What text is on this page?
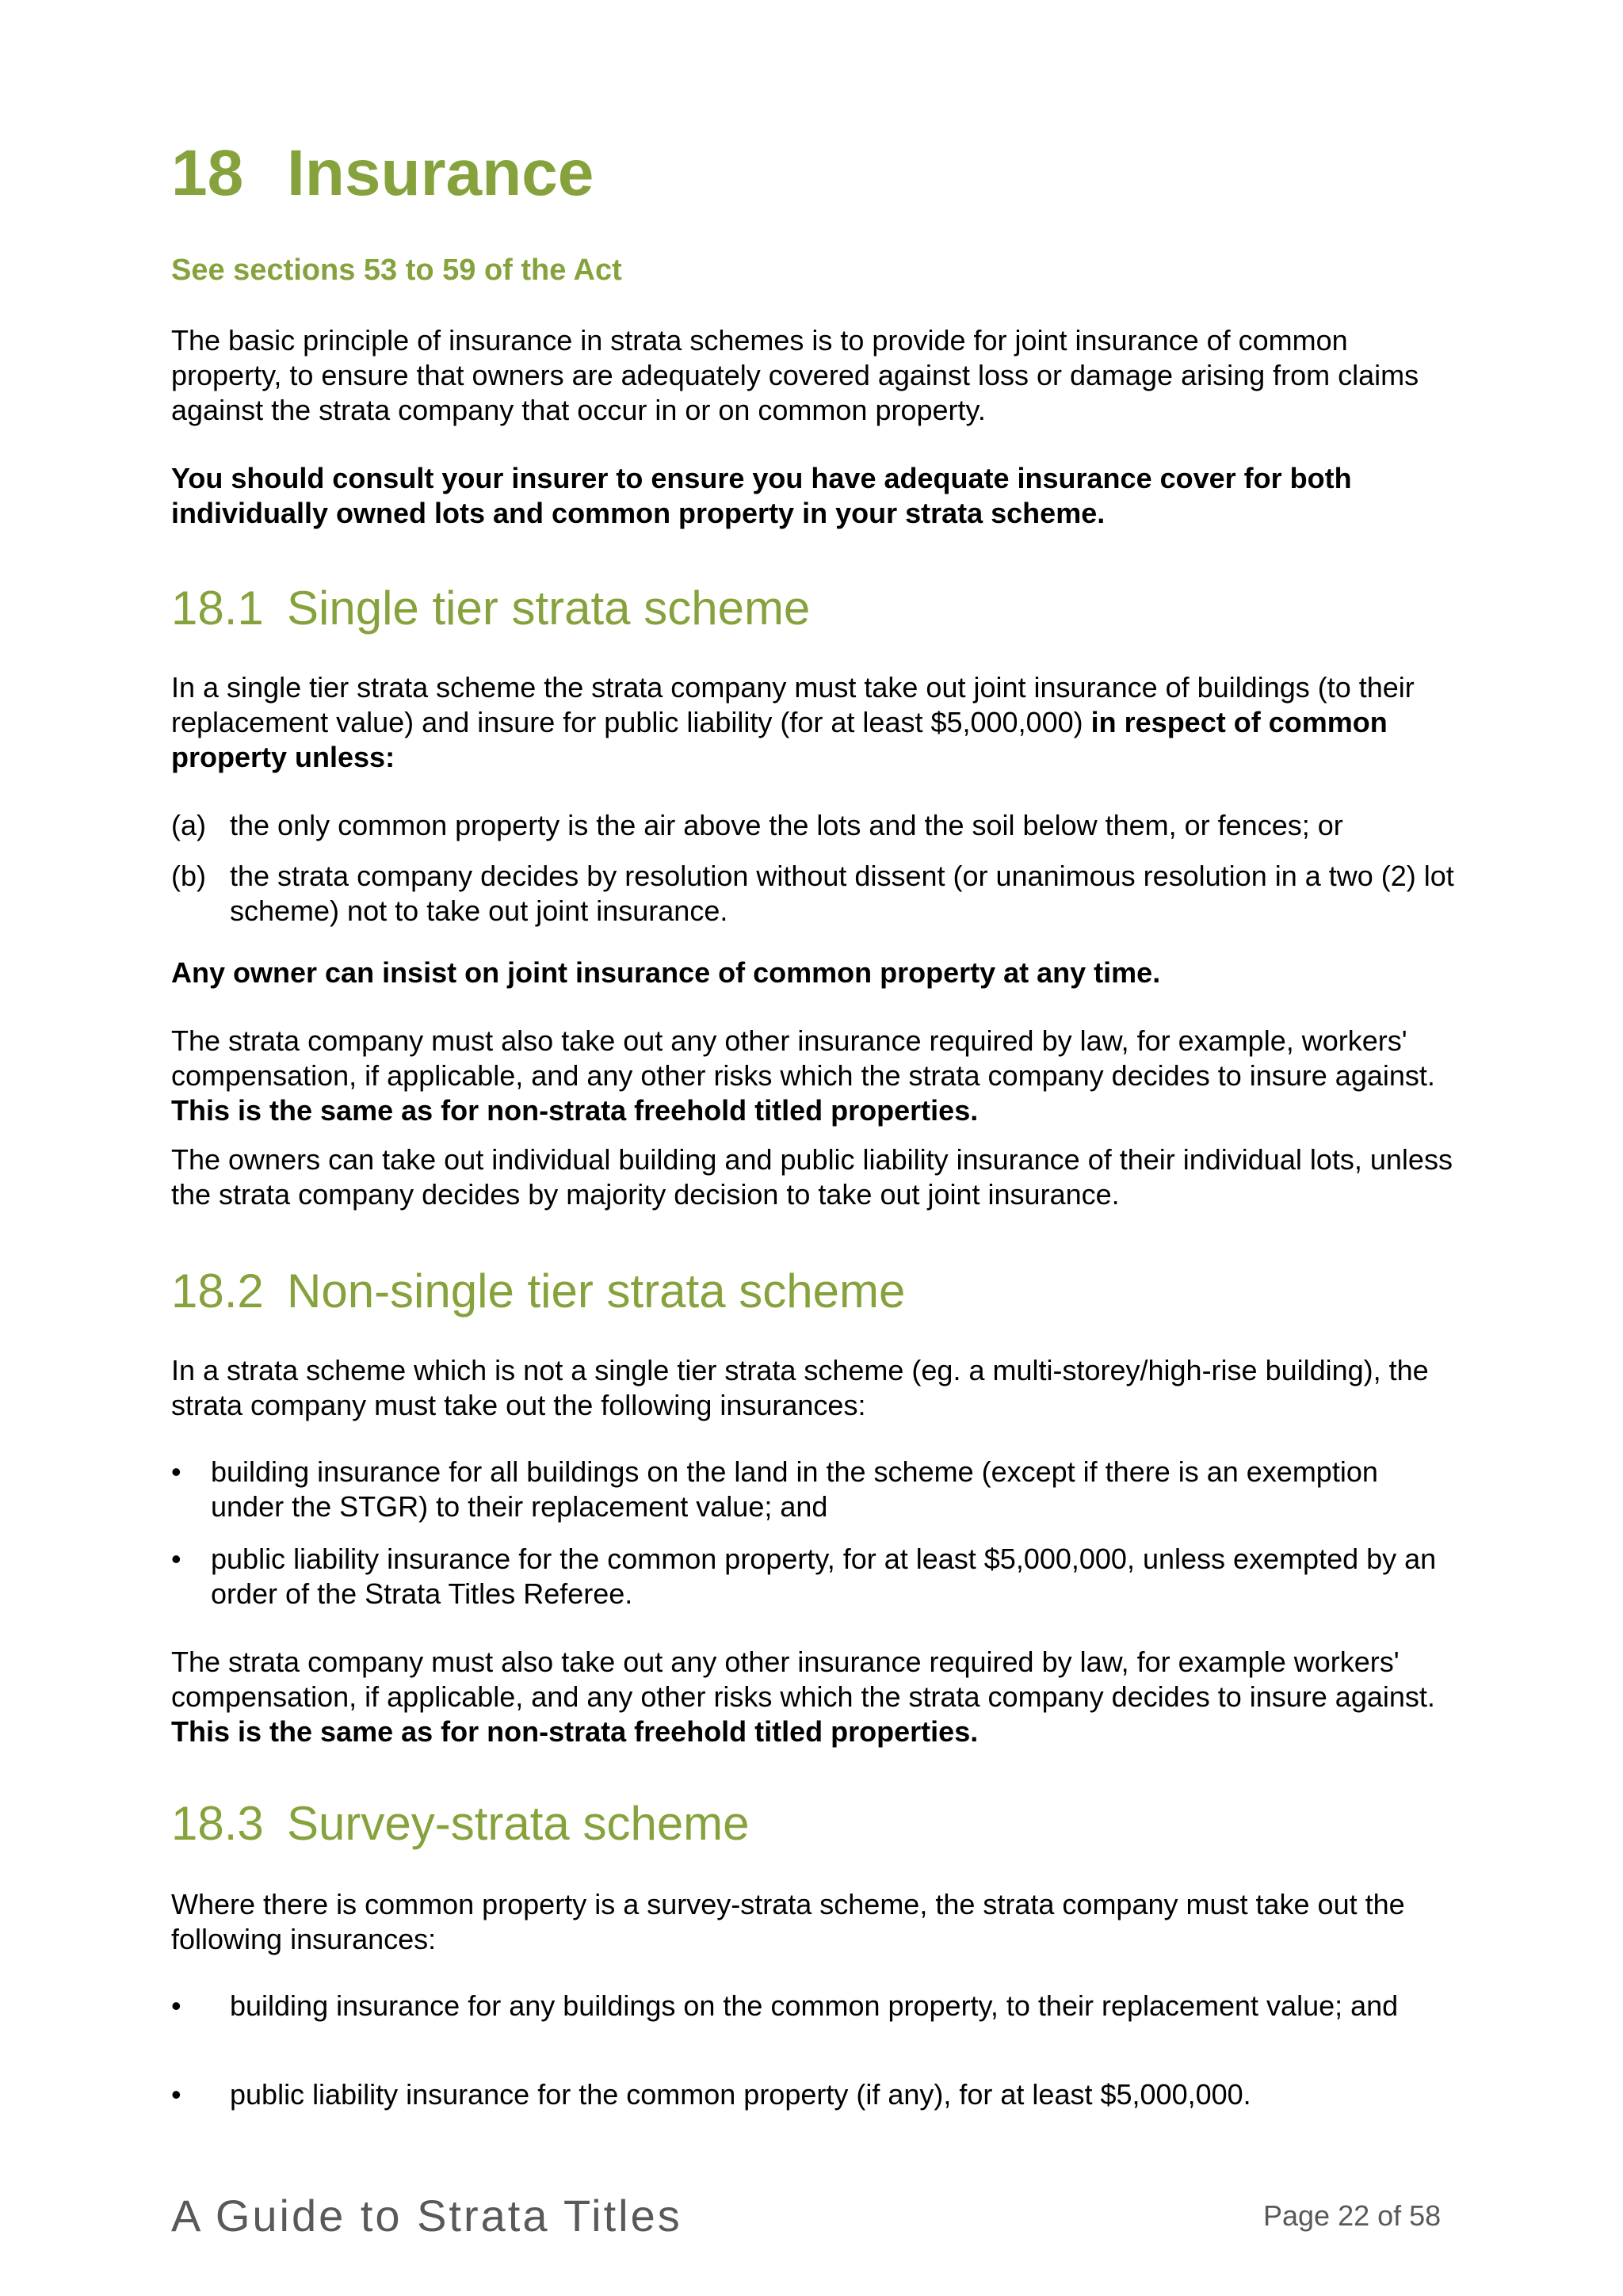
18 Insurance
See sections 53 to 59 of the Act

The basic principle of insurance in strata schemes is to provide for joint insurance of common property, to ensure that owners are adequately covered against loss or damage arising from claims against the strata company that occur in or on common property.

You should consult your insurer to ensure you have adequate insurance cover for both individually owned lots and common property in your strata scheme.

18.1 Single tier strata scheme

In a single tier strata scheme the strata company must take out joint insurance of buildings (to their replacement value) and insure for public liability (for at least $5,000,000) in respect of common property unless:

(a) the only common property is the air above the lots and the soil below them, or fences; or
(b) the strata company decides by resolution without dissent (or unanimous resolution in a two (2) lot scheme) not to take out joint insurance.

Any owner can insist on joint insurance of common property at any time.

The strata company must also take out any other insurance required by law, for example, workers' compensation, if applicable, and any other risks which the strata company decides to insure against. This is the same as for non-strata freehold titled properties.

The owners can take out individual building and public liability insurance of their individual lots, unless the strata company decides by majority decision to take out joint insurance.

18.2 Non-single tier strata scheme

In a strata scheme which is not a single tier strata scheme (eg. a multi-storey/high-rise building), the strata company must take out the following insurances:

• building insurance for all buildings on the land in the scheme (except if there is an exemption under the STGR) to their replacement value; and
• public liability insurance for the common property, for at least $5,000,000, unless exempted by an order of the Strata Titles Referee.

The strata company must also take out any other insurance required by law, for example workers' compensation, if applicable, and any other risks which the strata company decides to insure against. This is the same as for non-strata freehold titled properties.

18.3 Survey-strata scheme

Where there is common property is a survey-strata scheme, the strata company must take out the following insurances:

• building insurance for any buildings on the common property, to their replacement value; and
• public liability insurance for the common property (if any), for at least $5,000,000.
A Guide to Strata Titles	Page 22 of 58
